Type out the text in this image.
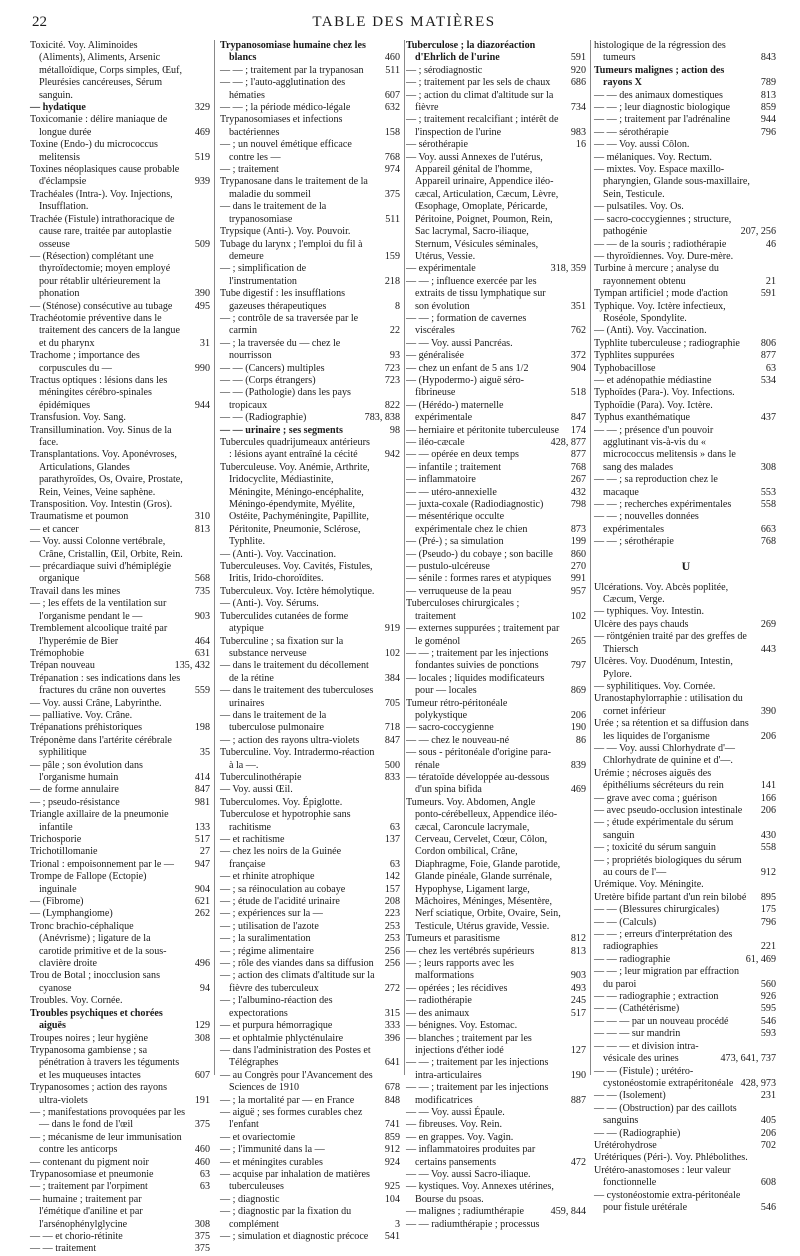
22	TABLE DES MATIÈRES
Toxicité. Voy. Aliminoides (Aliments), Aliments, Arsenic métalloïdique, Corps simples, Œuf, Pleurésies cancéreuses, Sérum sanguin.
— hydatique	329
Toxicomanie : délire maniaque de longue durée	469
Toxine (Endo-) du micrococcus melitensis	519
Toxines néoplasiques cause probable d'éclampsie	939
Trachéales (Intra-). Voy. Injections, Insufflation.
Trachée (Fistule) intrathoracique de cause rare, traitée par autoplastie osseuse	509
— (Résection) complétant une thyroïdectomie; moyen employé pour rétablir ultérieurement la phonation	390
— (Sténose) consécutive au tubage	495
Trachéotomie préventive dans le traitement des cancers de la langue et du pharynx	31
Trachome ; importance des corpuscules du —	990
Tractus optiques : lésions dans les méningites cérébro-spinales épidémiques	944
Transfusion. Voy. Sang.
Transillumination. Voy. Sinus de la face.
Transplantations. Voy. Aponévroses, Articulations, Glandes parathyroïdes, Os, Ovaire, Prostate, Rein, Veines, Veine saphène.
Transposition. Voy. Intestin (Gros).
Traumatisme et poumon	310
— et cancer	813
— Voy. aussi Colonne vertébrale, Crâne, Cristallin, Œil, Orbite, Rein.
— précardiaque suivi d'hémiplégie organique	568
Travail dans les mines	735
— ; les effets de la ventilation sur l'organisme pendant le —	903
Tremblement alcoolique traité par l'hyperémie de Bier	464
Trémophobie	631
Trépan nouveau	135, 432
Trépanation : ses indications dans les fractures du crâne non ouvertes	559
— Voy. aussi Crâne, Labyrinthe.
— palliative. Voy. Crâne.
Trépanations préhistoriques	198
Tréponème dans l'artérite cérébrale syphilitique	35
— pâle ; son évolution dans l'organisme humain	414
— de forme annulaire	847
— ; pseudo-résistance	981
Triangle axillaire de la pneumonie infantile	133
Trichosporie	517
Trichotillomanie	27
Trional : empoisonnement par le —	947
Trompe de Fallope (Ectopie) inguinale	904
— (Fibrome)	621
— (Lymphangiome)	262
Tronc brachio-céphalique (Anévrisme) ; ligature de la carotide primitive et de la sous-clavière droite	496
Trou de Botal ; inocclusion sans cyanose	94
Troubles. Voy. Cornée.
Troubles psychiques et chorées aiguës	129
Troupes noires ; leur hygiène	308
Trypanosoma gambiense ; sa pénétration à travers les téguments et les muqueuses intactes	607
Trypanosomes ; action des rayons ultra-violets	191
— ; manifestations provoquées par les — dans le fond de l'œil	375
— ; mécanisme de leur immunisation contre les anticorps	460
— contenant du pigment noir	460
Trypanosomiase et pneumonie	63
— ; traitement par l'orpiment	63
— humaine ; traitement par l'émétique d'aniline et par l'arsénophénylglycine	308
— — et chorio-rétinite	375
— — traitement	375
Trypanosomiase humaine chez les blancs	460
— — ; traitement par la trypanosan	511
— — ; l'auto-agglutination des hématies	607
— — ; la période médico-légale	632
Trypanosomiases et infections bactériennes	158
— ; un nouvel émétique efficace contre les —	768
— ; traitement	974
Trypanosane dans le traitement de la maladie du sommeil	375
— dans le traitement de la trypanosomiase	511
Trypsique (Anti-). Voy. Pouvoir.
Tubage du larynx ; l'emploi du fil à demeure	159
— ; simplification de l'instrumentation	218
Tube digestif : les insufflations gazeuses thérapeutiques	8
— ; contrôle de sa traversée par le carmin	22
— ; la traversée du — chez le nourrisson	93
— — (Cancers) multiples	723
— — (Corps étrangers)	723
— — (Pathologie) dans les pays tropicaux	822
— — (Radiographie)	783, 838
— — urinaire ; ses segments	98
Tubercules quadrijumeaux antérieurs : lésions ayant entraîné la cécité	942
Tuberculeuse. Voy. Anémie, Arthrite, Iridocyclite, Médiastinite, Méningite, Méningo-encéphalite, Méningo-épendymite, Myélite, Ostéite, Pachyméningite, Papillite, Péritonite, Pneumonie, Sclérose, Typhlite.
— (Anti-). Voy. Vaccination.
Tuberculeuses. Voy. Cavités, Fistules, Iritis, Irido-choroïdites.
Tuberculeux. Voy. Ictère hémolytique.
— (Anti-). Voy. Sérums.
Tuberculides cutanées de forme atypique	919
Tuberculine ; sa fixation sur la substance nerveuse	102
— dans le traitement du décollement de la rétine	384
— dans le traitement des tuberculoses urinaires	705
— dans le traitement de la tuberculose pulmonaire	718
— ; action des rayons ultra-violets	847
Tuberculine. Voy. Intradermo-réaction à la —.	500
Tuberculinothérapie	833
— Voy. aussi Œil.
Tuberculomes. Voy. Épiglotte.
Tuberculose et hypotrophie sans rachitisme	63
— et rachitisme	137
— chez les noirs de la Guinée française	63
— et rhinite atrophique	142
— ; sa réinoculation au cobaye	157
— ; étude de l'acidité urinaire	208
— ; expériences sur la —	223
— ; utilisation de l'azote	253
— ; la suralimentation	253
— ; régime alimentaire	256
— ; rôle des viandes dans sa diffusion	256
— ; action des climats d'altitude sur la fièvre des tuberculeux	272
— ; l'albumino-réaction des expectorations	315
— et purpura hémorragique	333
— et ophtalmie phlycténulaire	396
— dans l'administration des Postes et Télégraphes	641
— au Congrès pour l'Avancement des Sciences de 1910	678
— ; la mortalité par — en France	848
— aiguë ; ses formes curables chez l'enfant	741
— et ovariectomie	859
— ; l'immunité dans la —	912
— et méningites curables	924
— acquise par inhalation de matières tuberculeuses	925
— ; diagnostic	104
— ; diagnostic par la fixation du complément	3
— ; simulation et diagnostic précoce	541
Tuberculose ; la diazoréaction d'Ehrlich de l'urine	591
— ; sérodiagnostic	920
— ; traitement par les sels de chaux	686
— ; action du climat d'altitude sur la fièvre	734
— ; traitement recalcifiant ; intérêt de l'inspection de l'urine	983
— sérothérapie	16
— Voy. aussi Annexes de l'utérus, Appareil génital de l'homme, Appareil urinaire, Appendice iléo-cæcal, Articulation, Cæcum, Lèvre, Œsophage, Omoplate, Péricarde, Péritoine, Poignet, Poumon, Rein, Sac lacrymal, Sacro-iliaque, Sternum, Vésicules séminales, Utérus, Vessie.
— expérimentale	318, 359
— — ; influence exercée par les extraits de tissu lymphatique sur son évolution	351
— — ; formation de cavernes viscérales	762
— — Voy. aussi Pancréas.
— généralisée	372
— chez un enfant de 5 ans 1/2	904
— (Hypodermo-) aiguë séro-fibrineuse	518
— (Hérédo-) maternelle expérimentale	847
— herniaire et péritonite tuberculeuse	174
— iléo-cæcale	428, 877
— — opérée en deux temps	877
— infantile ; traitement	768
— inflammatoire	267
— — utéro-annexielle	432
— juxta-coxale (Radiodiagnostic)	798
— mésentérique occulte expérimentale chez le chien	873
— (Pré-) ; sa simulation	199
— (Pseudo-) du cobaye ; son bacille	860
— pustulo-ulcéreuse	270
— sénile : formes rares et atypiques	991
— verruqueuse de la peau	957
Tuberculoses chirurgicales ; traitement	102
— externes suppurées ; traitement par le goménol	265
— — ; traitement par les injections fondantes suivies de ponctions	797
— locales ; liquides modificateurs pour — locales	869
Tumeur rétro-péritonéale polykystique	206
— sacro-coccygienne	190
— — chez le nouveau-né	86
— sous - péritonéale d'origine para-rénale	839
— tératoïde développée au-dessous d'un spina bifida	469
Tumeurs. Voy. Abdomen, Angle ponto-cérébelleux, Appendice iléo-cæcal, Caroncule lacrymale, Cerveau, Cervelet, Cœur, Côlon, Cordon ombilical, Crâne, Diaphragme, Foie, Glande parotide, Glande pinéale, Glande surrénale, Hypophyse, Ligament large, Mâchoires, Méninges, Mésentère, Nerf sciatique, Orbite, Ovaire, Sein, Testicule, Utérus gravide, Vessie.
Tumeurs et parasitisme	812
— chez les vertébrés supérieurs	813
— ; leurs rapports avec les malformations	903
— opérées ; les récidives	493
— radiothérapie	245
— des animaux	517
— bénignes. Voy. Estomac.
— blanches ; traitement par les injections d'éther iodé	127
— — ; traitement par les injections intra-articulaires	190
— — ; traitement par les injections modificatrices	887
— — Voy. aussi Épaule.
— fibreuses. Voy. Rein.
— en grappes. Voy. Vagin.
— inflammatoires produites par certains pansements	472
— — Voy. aussi Sacro-iliaque.
— kystiques. Voy. Annexes utérines, Bourse du psoas.
— malignes ; radiumthérapie	459, 844
— — radiumthérapie ; processus
histologique de la régression des tumeurs	843
Tumeurs malignes ; action des rayons X	789
— — des animaux domestiques	813
— — ; leur diagnostic biologique	859
— — ; traitement par l'adrénaline	944
— — sérothérapie	796
— — Voy. aussi Côlon.
— mélaniques. Voy. Rectum.
— mixtes. Voy. Espace maxillo-pharyngien, Glande sous-maxillaire, Sein, Testicule.
— pulsatiles. Voy. Os.
— sacro-coccygiennes ; structure, pathogénie	207, 256
— — de la souris ; radiothérapie	46
— thyroïdiennes. Voy. Dure-mère.
Turbine à mercure ; analyse du rayonnement obtenu	21
Tympan artificiel ; mode d'action	591
Typhique. Voy. Ictère infectieux, Roséole, Spondylite.
— (Anti). Voy. Vaccination.
Typhlite tuberculeuse ; radiographie	806
Typhlites suppurées	877
Typhobacillose	63
— et adénopathie médiastine	534
Typhoïdes (Para-). Voy. Infections.
Typhoïdie (Para). Voy. Ictère.
Typhus exanthématique	437
— — ; présence d'un pouvoir agglutinant vis-à-vis du « micrococcus melitensis » dans le sang des malades	308
— — ; sa reproduction chez le macaque	553
— — ; recherches expérimentales	558
— — ; nouvelles données expérimentales	663
— — ; sérothérapie	768
U
Ulcérations. Voy. Abcès poplitée, Cæcum, Verge.
— typhiques. Voy. Intestin.
Ulcère des pays chauds	269
— röntgénien traité par des greffes de Thiersch	443
Ulcères. Voy. Duodénum, Intestin, Pylore.
— syphilitiques. Voy. Cornée.
Uranostaphylorraphie : utilisation du cornet inférieur	390
Urée ; sa rétention et sa diffusion dans les liquides de l'organisme	206
— — Voy. aussi Chlorhydrate d'— Chlorhydrate de quinine et d'—.
Urémie ; nécroses aiguës des épithéliums sécréteurs du rein	141
— grave avec coma ; guérison	166
— avec pseudo-occlusion intestinale	206
— ; étude expérimentale du sérum sanguin	430
— ; toxicité du sérum sanguin	558
— ; propriétés biologiques du sérum au cours de l'—	912
Urémique. Voy. Méningite.
Uretère bifide partant d'un rein bilobé	895
— — (Blessures chirurgicales)	175
— — (Calculs)	796
— — ; erreurs d'interprétation des radiographies	221
— — radiographie	61, 469
— — ; leur migration par effraction du paroi	560
— — radiographie ; extraction	926
— — (Cathétérisme)	595
— — — par un nouveau procédé	546
— — — sur mandrin	593
— — — et division intra-vésicale des urines	473, 641, 737
— — (Fistule) ; urétéro-cystonéostomie extrapéritonéale 428, 973
— — (Isolement)	231
— — (Obstruction) par des caillots sanguins	405
— — (Radiographie)	206
Urétérohydrose	702
Urétériques (Péri-). Voy. Phlébolithes.
Urétéro-anastomoses : leur valeur fonctionnelle	608
— cystonéostomie extra-péritonéale pour fistule urétérale	546
